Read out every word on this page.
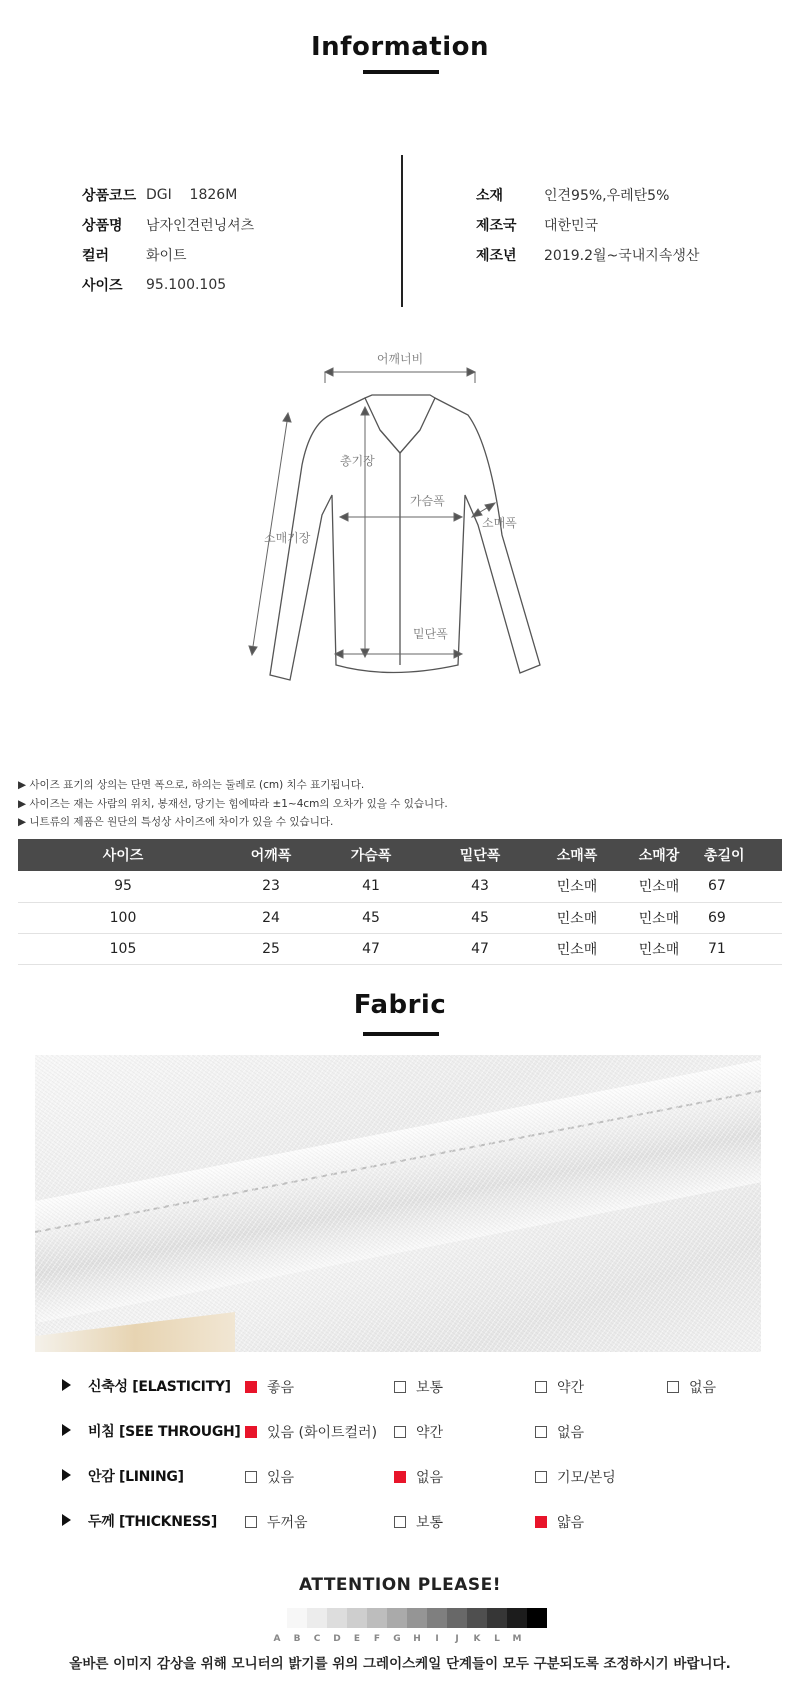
Information
상품코드 DGI    1826M
상품명	남자인견런닝셔츠
컬러	화이트
사이즈	95.100.105
소재	인견95%,우레탄5%
제조국	대한민국
제조년	2019.2월~국내지속생산
어깨너비
총기장
가슴폭
소매폭
소매기장
밑단폭
▶ 사이즈 표기의 상의는 단면 폭으로, 하의는 둘레로 (cm) 치수 표기됩니다.
▶ 사이즈는 재는 사람의 위치, 봉재선, 당기는 힘에따라 ±1~4cm의 오차가 있을 수 있습니다.
▶ 니트류의 제품은 원단의 특성상 사이즈에 차이가 있을 수 있습니다.
사이즈	어깨폭	가슴폭	밑단폭	소매폭	소매장	총길이
95	23	41	43	민소매	민소매	67
100	24	45	45	민소매	민소매	69
105	25	47	47	민소매	민소매	71
Fabric
신축성 [ELASTICITY]	좋음	보통	약간	없음
비침 [SEE THROUGH] 있음 (화이트컬러)	약간	없음
안감 [LINING]	있음	없음	기모/본딩
두께 [THICKNESS]	두꺼움	보통	얇음
ATTENTION PLEASE!
A	B	C	D	E	F	G	H	I	J	K	L	M
올바른 이미지 감상을 위해 모니터의 밝기를 위의 그레이스케일 단계들이 모두 구분되도록 조정하시기 바랍니다.
